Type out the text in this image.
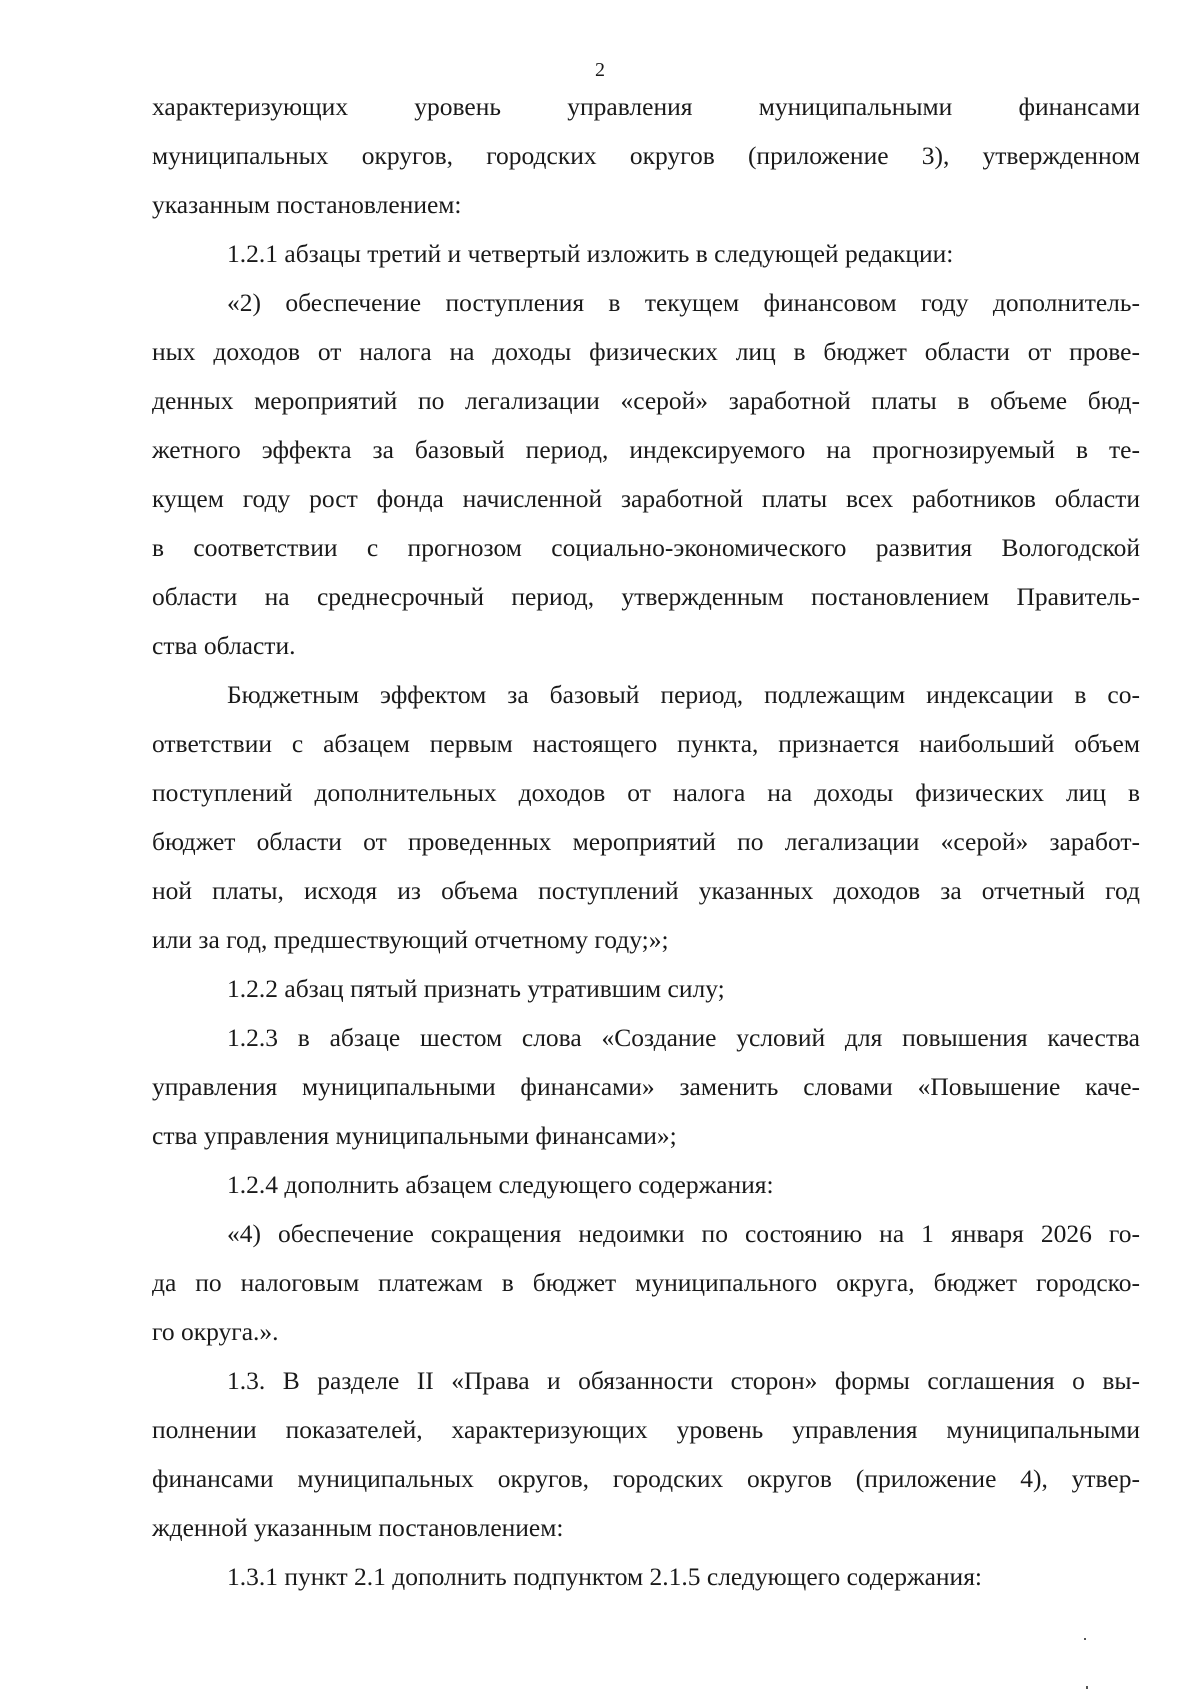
2

характеризующих уровень управления муниципальными финансами
муниципальных округов, городских округов (приложение 3), утвержденном
указанным постановлением:

1.2.1 абзацы третий и четвертый изложить в следующей редакции:

«2) обеспечение поступления в текущем финансовом году дополнитель-
ных доходов от налога на доходы физических лиц в бюджет области от прове-
денных мероприятий по легализации «серой» заработной платы в объеме бюд-
жетного эффекта за базовый период, индексируемого на прогнозируемый в те-
кущем году рост фонда начисленной заработной платы всех работников области
в соответствии с прогнозом социально-экономического развития Вологодской
области на среднесрочный период, утвержденным постановлением Правитель-
ства области.

Бюджетным эффектом за базовый период, подлежащим индексации в со-
ответствии с абзацем первым настоящего пункта, признается наибольший объем
поступлений дополнительных доходов от налога на доходы физических лиц в
бюджет области от проведенных мероприятий по легализации «серой» заработ-
ной платы, исходя из объема поступлений указанных доходов за отчетный год
или за год, предшествующий отчетному году;»;

1.2.2 абзац пятый признать утратившим силу;

1.2.3 в абзаце шестом слова «Создание условий для повышения качества
управления муниципальными финансами» заменить словами «Повышение каче-
ства управления муниципальными финансами»;

1.2.4 дополнить абзацем следующего содержания:

«4) обеспечение сокращения недоимки по состоянию на 1 января 2026 го-
да по налоговым платежам в бюджет муниципального округа, бюджет городско-
го округа.».

1.3. В разделе II «Права и обязанности сторон» формы соглашения о вы-
полнении показателей, характеризующих уровень управления муниципальными
финансами муниципальных округов, городских округов (приложение 4), утвер-
жденной указанным постановлением:

1.3.1 пункт 2.1 дополнить подпунктом 2.1.5 следующего содержания:
